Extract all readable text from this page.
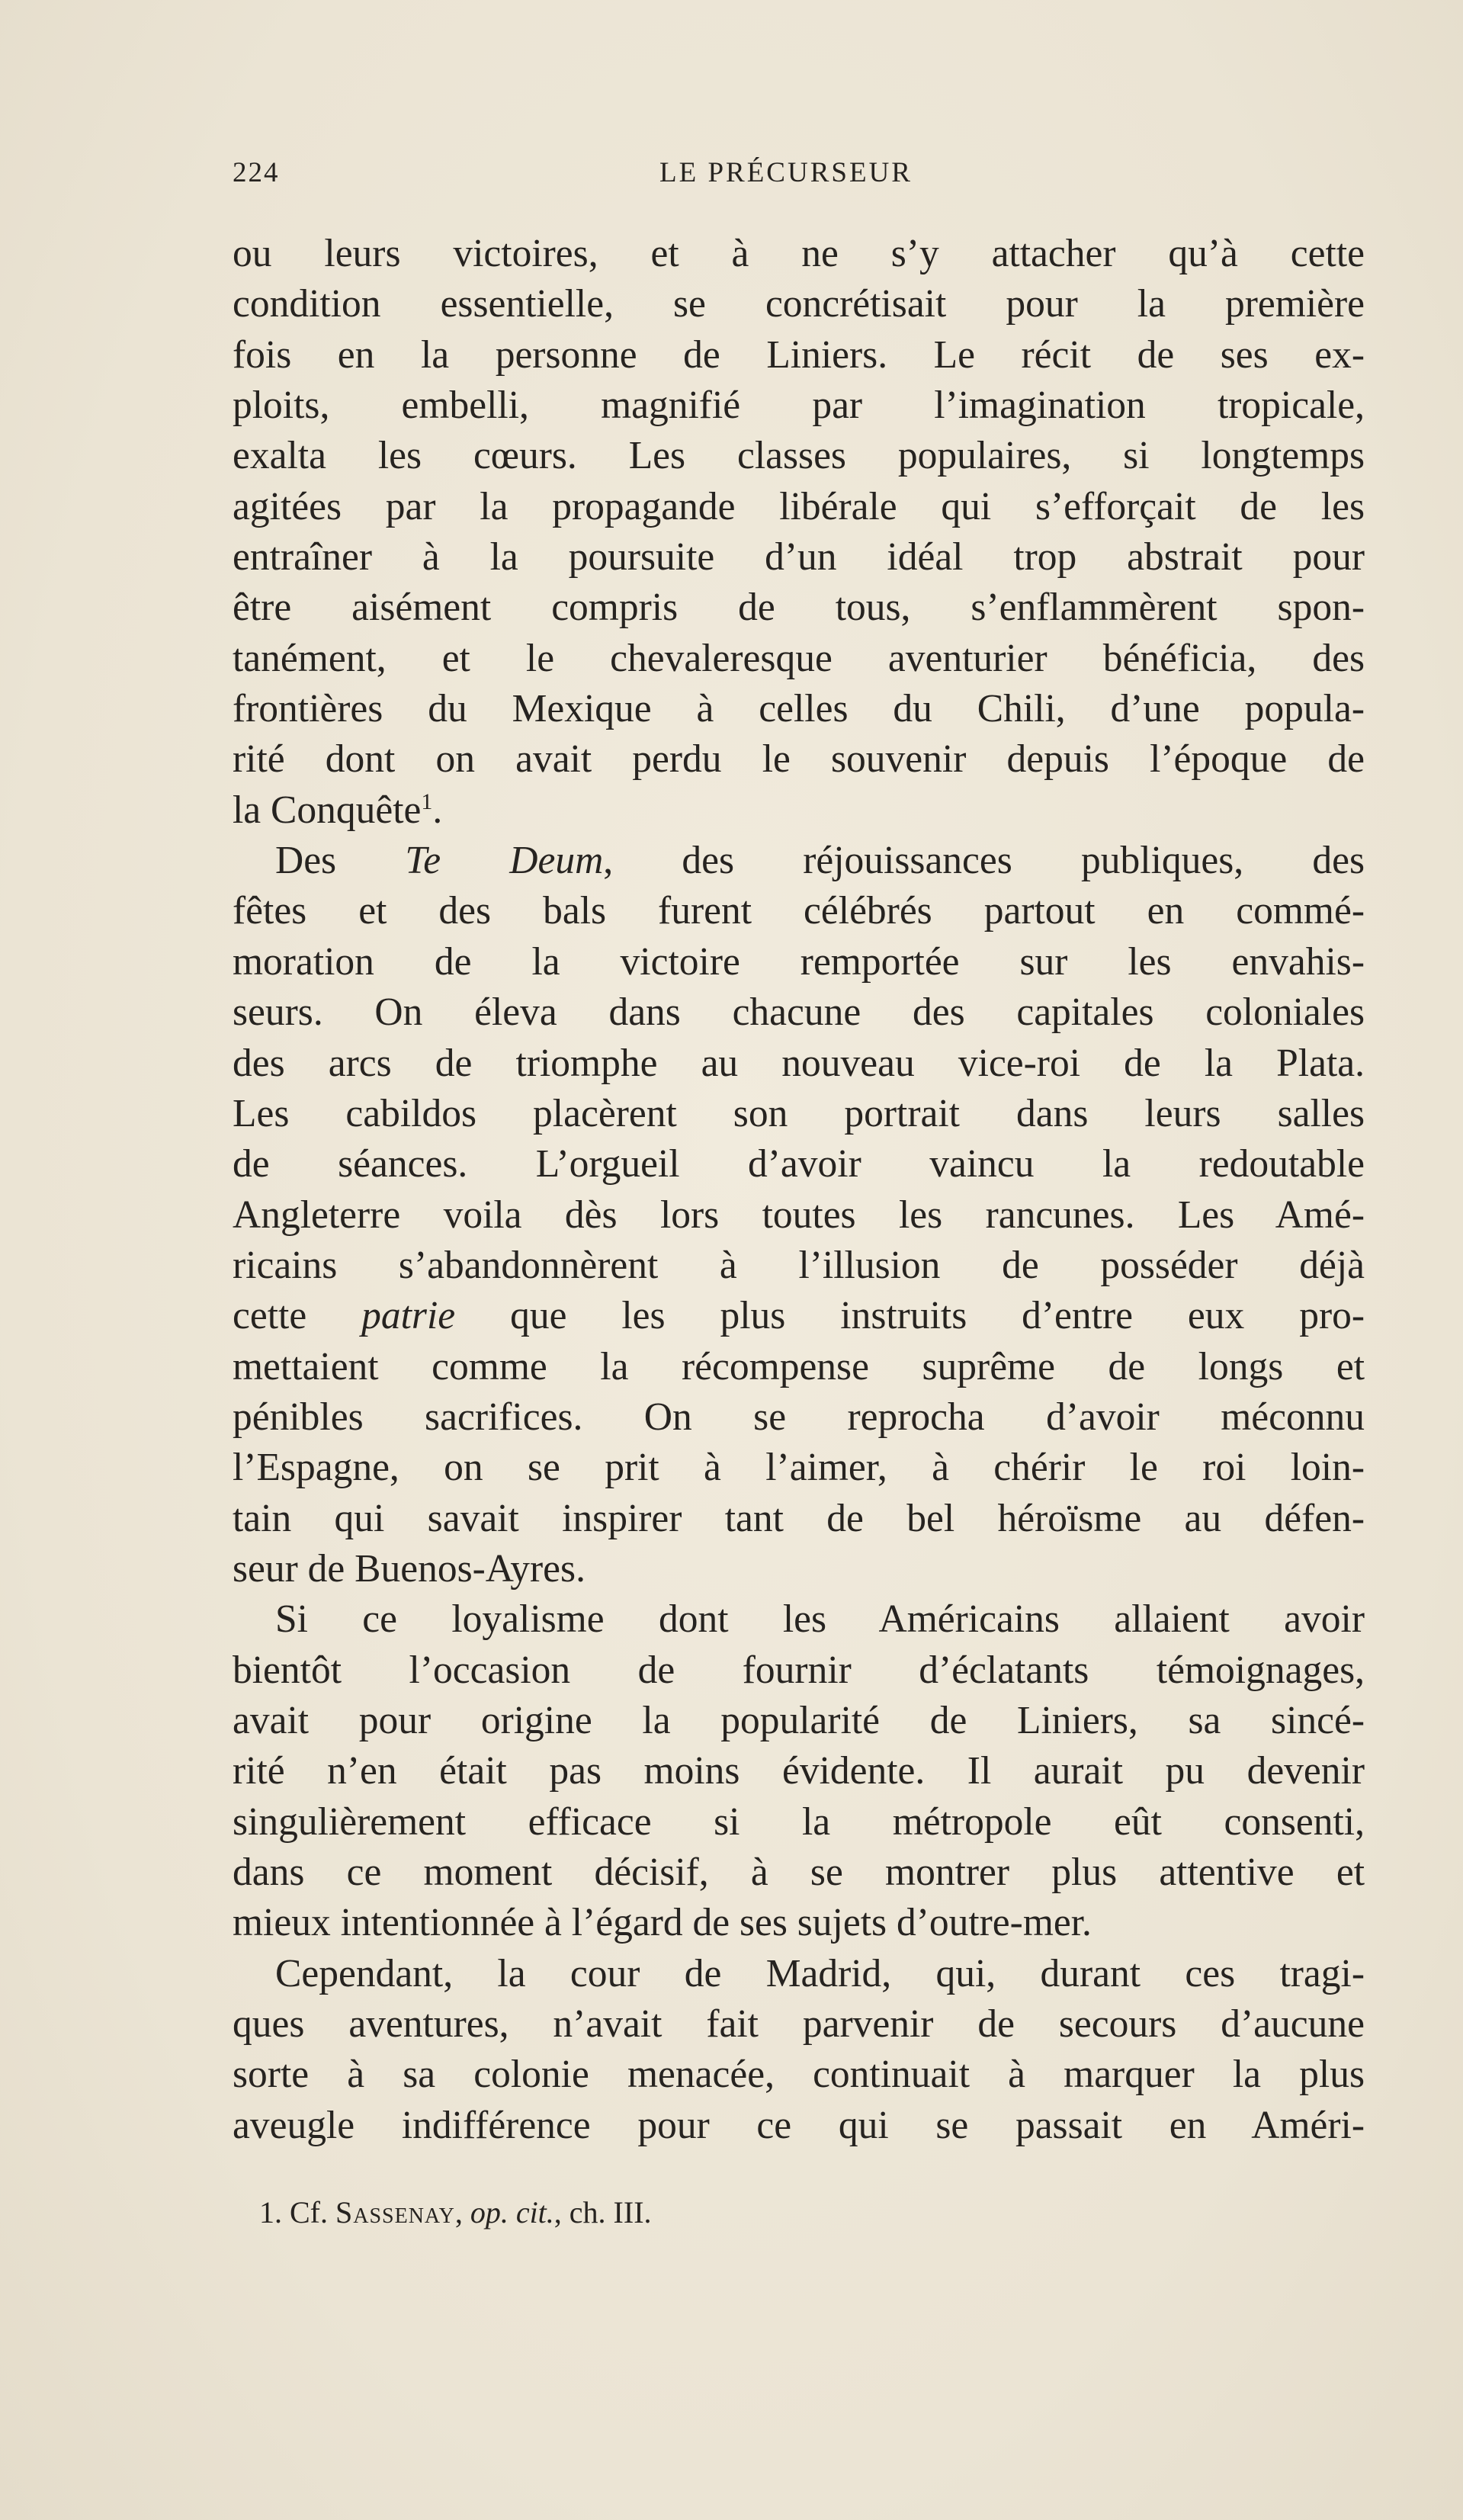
224	LE PRÉCURSEUR
ou leurs victoires, et à ne s’y attacher qu’à cette
condition essentielle, se concrétisait pour la première
fois en la personne de Liniers. Le récit de ses ex-
ploits, embelli, magnifié par l’imagination tropicale,
exalta les cœurs. Les classes populaires, si longtemps
agitées par la propagande libérale qui s’efforçait de les
entraîner à la poursuite d’un idéal trop abstrait pour
être aisément compris de tous, s’enflammèrent spon-
tanément, et le chevaleresque aventurier bénéficia, des
frontières du Mexique à celles du Chili, d’une popula-
rité dont on avait perdu le souvenir depuis l’époque de
la Conquête$^1$.
Des Te Deum, des réjouissances publiques, des
fêtes et des bals furent célébrés partout en commé-
moration de la victoire remportée sur les envahis-
seurs. On éleva dans chacune des capitales coloniales
des arcs de triomphe au nouveau vice-roi de la Plata.
Les cabildos placèrent son portrait dans leurs salles
de séances. L’orgueil d’avoir vaincu la redoutable
Angleterre voila dès lors toutes les rancunes. Les Amé-
ricains s’abandonnèrent à l’illusion de posséder déjà
cette patrie que les plus instruits d’entre eux pro-
mettaient comme la récompense suprême de longs et
pénibles sacrifices. On se reprocha d’avoir méconnu
l’Espagne, on se prit à l’aimer, à chérir le roi loin-
tain qui savait inspirer tant de bel héroïsme au défen-
seur de Buenos-Ayres.
Si ce loyalisme dont les Américains allaient avoir
bientôt l’occasion de fournir d’éclatants témoignages,
avait pour origine la popularité de Liniers, sa sincé-
rité n’en était pas moins évidente. Il aurait pu devenir
singulièrement efficace si la métropole eût consenti,
dans ce moment décisif, à se montrer plus attentive et
mieux intentionnée à l’égard de ses sujets d’outre-mer.
Cependant, la cour de Madrid, qui, durant ces tragi-
ques aventures, n’avait fait parvenir de secours d’aucune
sorte à sa colonie menacée, continuait à marquer la plus
aveugle indifférence pour ce qui se passait en Améri-
1. Cf. Sassenay, op. cit., ch. III.
